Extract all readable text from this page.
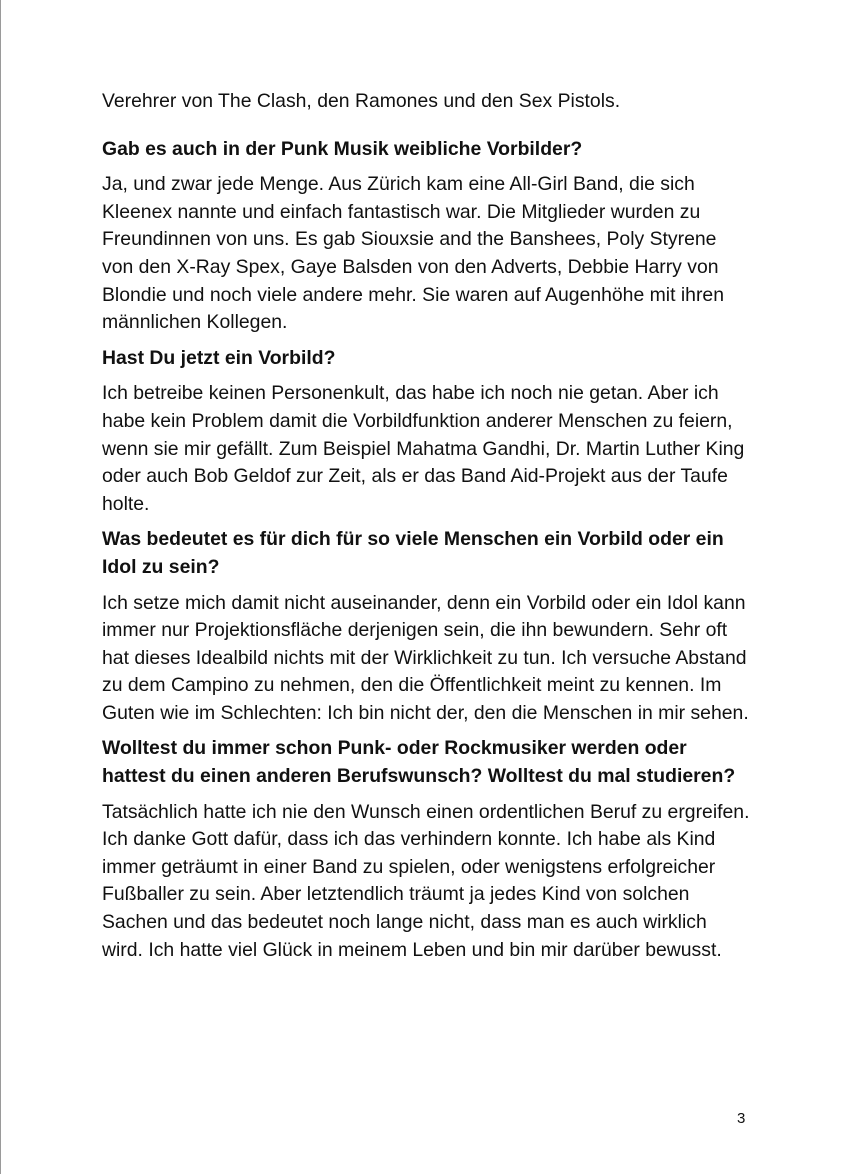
Verehrer von The Clash, den Ramones und den Sex Pistols.

Gab es auch in der Punk Musik weibliche Vorbilder?

Ja, und zwar jede Menge. Aus Zürich kam eine All-Girl Band, die sich Kleenex nannte und einfach fantastisch war. Die Mitglieder wurden zu Freundinnen von uns. Es gab Siouxsie and the Banshees, Poly Styrene von den X-Ray Spex, Gaye Balsden von den Adverts, Debbie Harry von Blondie und noch viele andere mehr. Sie waren auf Augenhöhe mit ihren männlichen Kollegen.

Hast Du jetzt ein Vorbild?

Ich betreibe keinen Personenkult, das habe ich noch nie getan. Aber ich habe kein Problem damit die Vorbildfunktion anderer Menschen zu feiern, wenn sie mir gefällt. Zum Beispiel Mahatma Gandhi, Dr. Martin Luther King oder auch Bob Geldof zur Zeit, als er das Band Aid-Projekt aus der Taufe holte.

Was bedeutet es für dich für so viele Menschen ein Vorbild oder ein Idol zu sein?

Ich setze mich damit nicht auseinander, denn ein Vorbild oder ein Idol kann immer nur Projektionsfläche derjenigen sein, die ihn bewundern. Sehr oft hat dieses Idealbild nichts mit der Wirklichkeit zu tun. Ich versuche Abstand zu dem Campino zu nehmen, den die Öffentlichkeit meint zu kennen. Im Guten wie im Schlechten: Ich bin nicht der, den die Menschen in mir sehen.

Wolltest du immer schon Punk- oder Rockmusiker werden oder hattest du einen anderen Berufswunsch? Wolltest du mal studieren?

Tatsächlich hatte ich nie den Wunsch einen ordentlichen Beruf zu ergreifen. Ich danke Gott dafür, dass ich das verhindern konnte. Ich habe als Kind immer geträumt in einer Band zu spielen, oder wenigstens erfolgreicher Fußballer zu sein. Aber letztendlich träumt ja jedes Kind von solchen Sachen und das bedeutet noch lange nicht, dass man es auch wirklich wird. Ich hatte viel Glück in meinem Leben und bin mir darüber bewusst.

3
